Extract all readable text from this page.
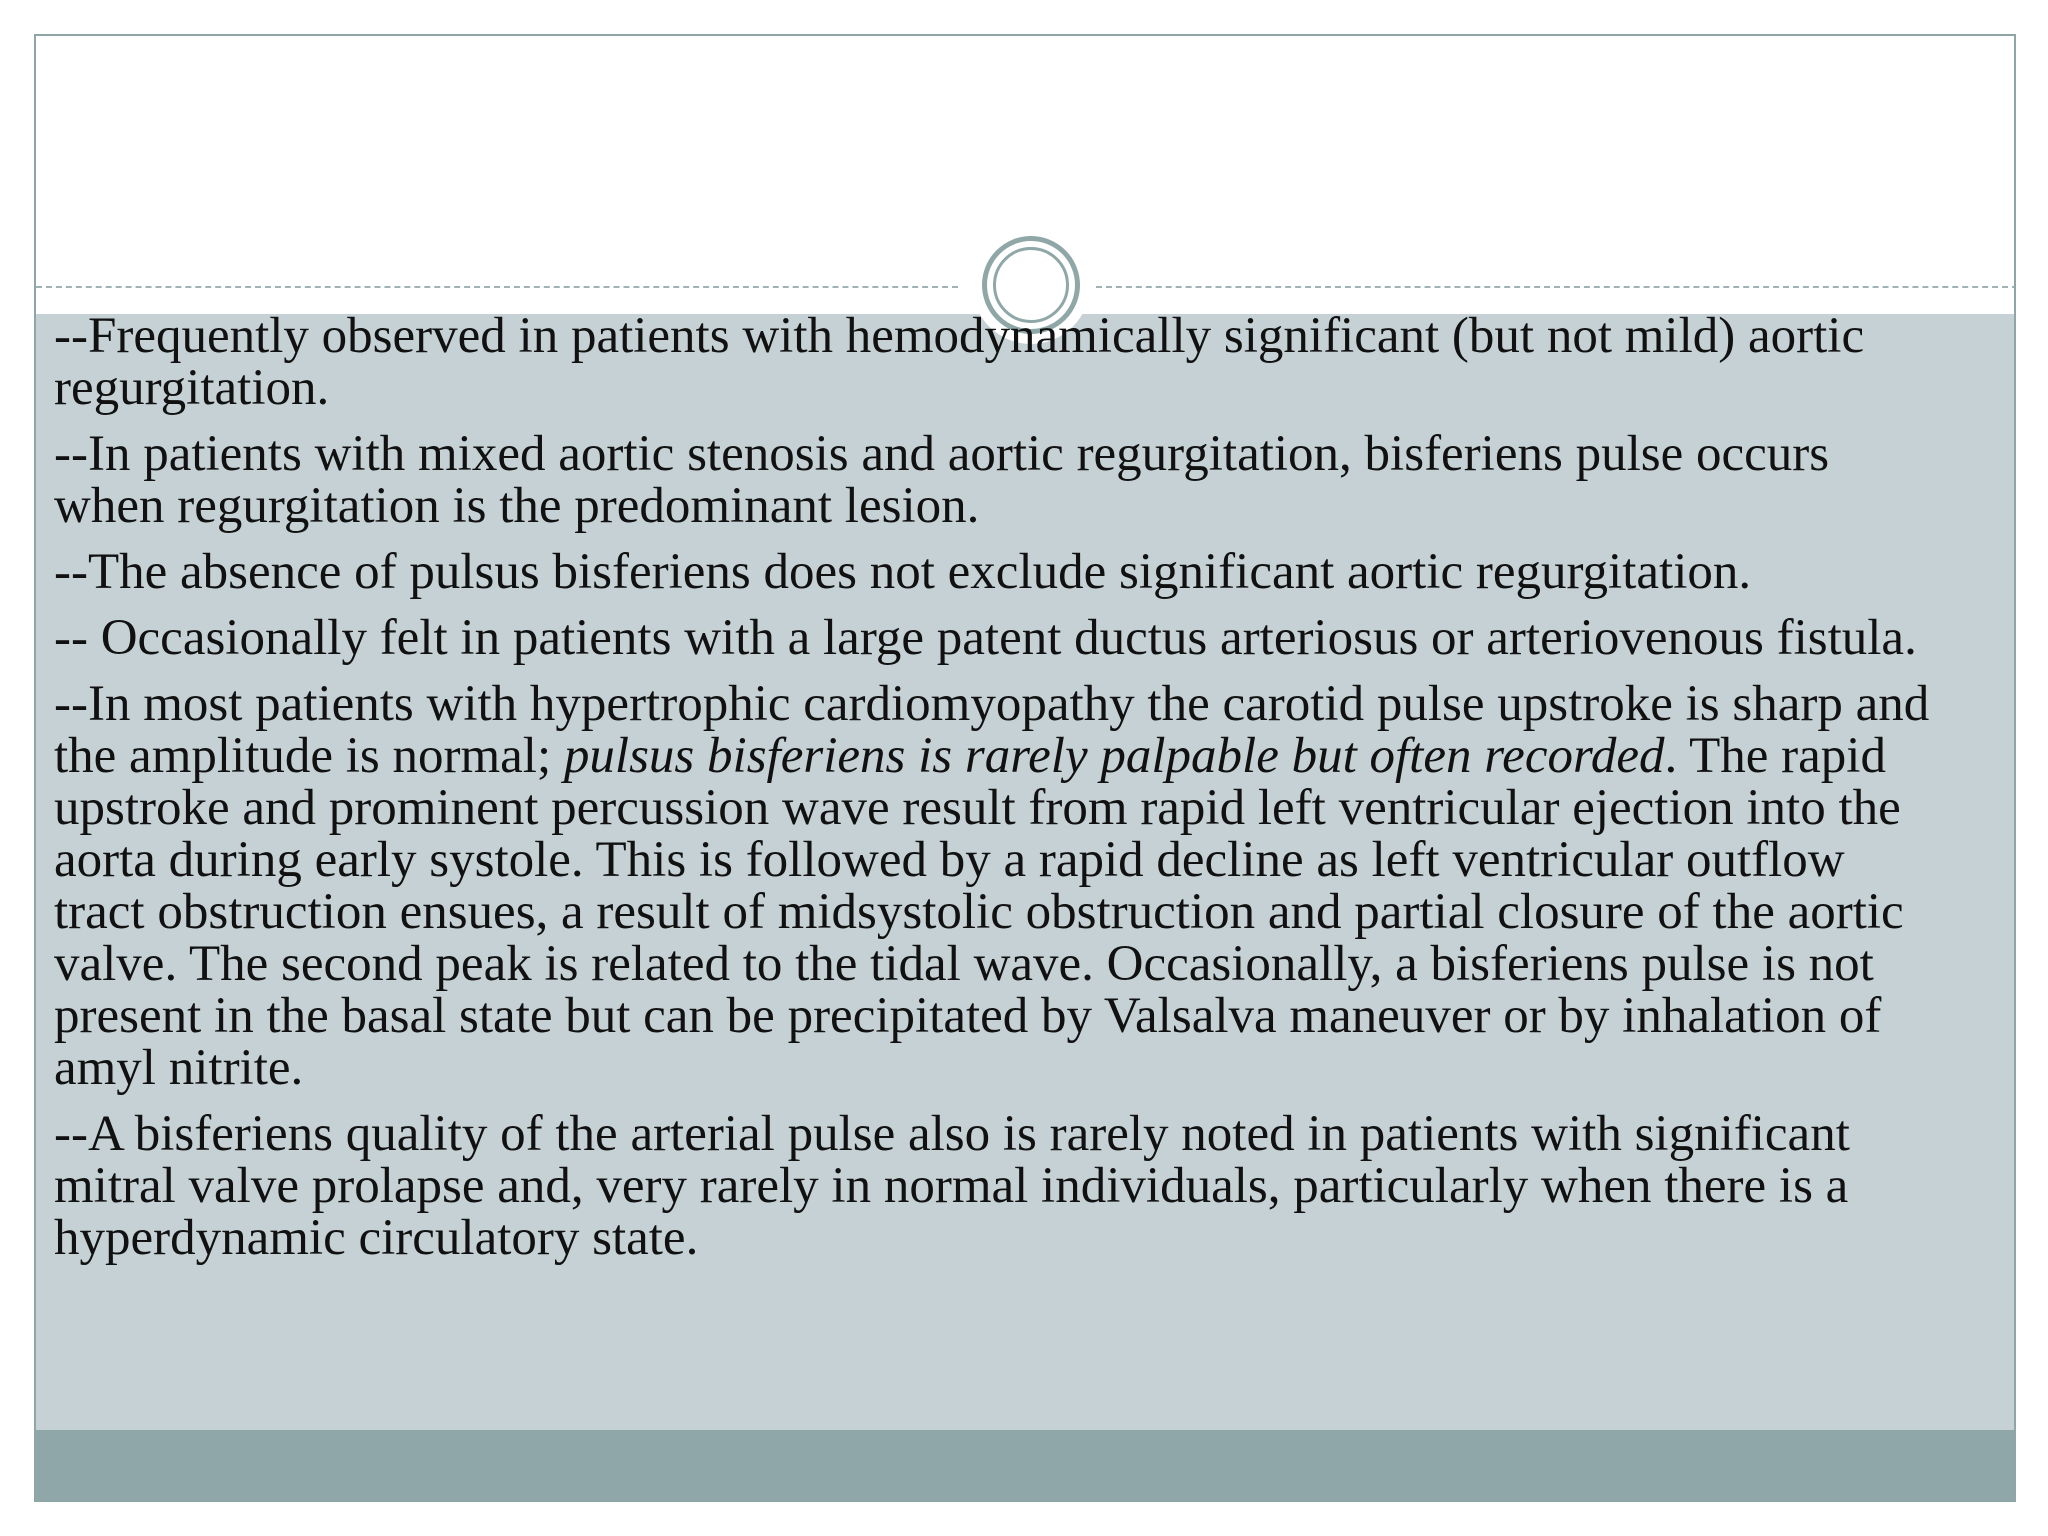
--Frequently observed in patients with hemodynamically significant (but not mild) aortic regurgitation.

--In patients with mixed aortic stenosis and aortic regurgitation, bisferiens pulse occurs when regurgitation is the predominant lesion.

--The absence of pulsus bisferiens does not exclude significant aortic regurgitation.

-- Occasionally felt in patients with a large patent ductus arteriosus or arteriovenous fistula.

--In most patients with hypertrophic cardiomyopathy the carotid pulse upstroke is sharp and the amplitude is normal; pulsus bisferiens is rarely palpable but often recorded. The rapid upstroke and prominent percussion wave result from rapid left ventricular ejection into the aorta during early systole. This is followed by a rapid decline as left ventricular outflow tract obstruction ensues, a result of midsystolic obstruction and partial closure of the aortic valve. The second peak is related to the tidal wave. Occasionally, a bisferiens pulse is not present in the basal state but can be precipitated by Valsalva maneuver or by inhalation of amyl nitrite.

--A bisferiens quality of the arterial pulse also is rarely noted in patients with significant mitral valve prolapse and, very rarely in normal individuals, particularly when there is a hyperdynamic circulatory state.
